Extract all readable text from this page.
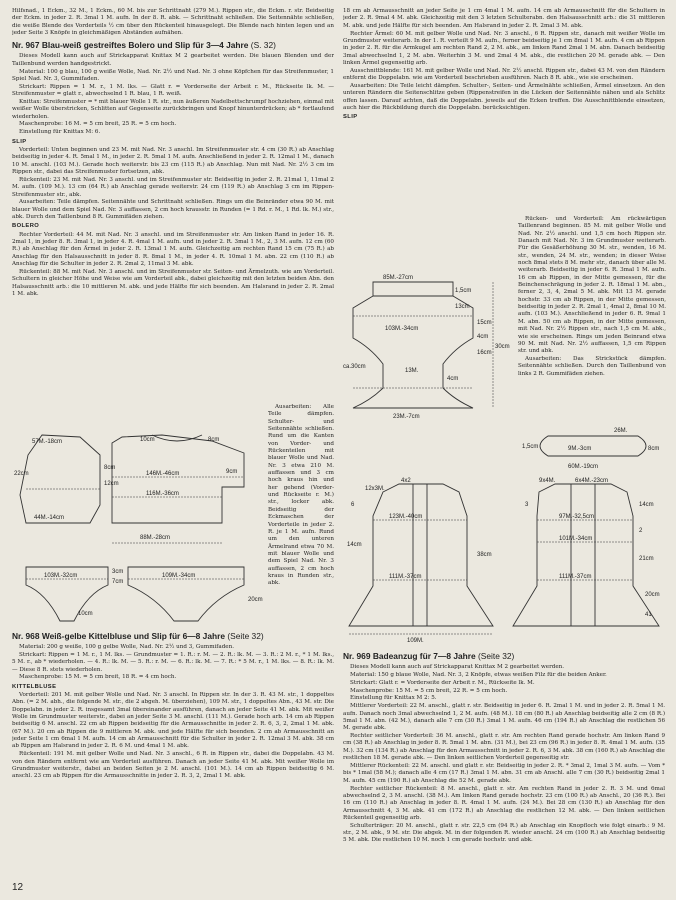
Hilfsnad., 1 Eckm., 32 M., 1 Eckm., 60 M. bis zur Schrittnaht (279 M.). Rippen str., die Eckm. r. str. Beidseitig der Eckm. in jeder 2. R. 3mal 1 M. aufn. In der 8. R. abk. — Schrittnaht schließen. Die Seitennähte schließen, die weiße Blende des Vorderteils ½ cm über den Rückenteil hinausgelegt. Die Blende nach hinten legen und an jeder Seite 3 Knöpfe in gleichmäßigen Abständen aufnähen.

Nr. 967 Blau-weiß gestreiftes Bolero und Slip für 3—4 Jahre (S. 32)

Dieses Modell kann auch auf Strickapparat Knittax M 2 gearbeitet werden. Die blauen Blenden und der Taillenbund werden handgestrickt.

Material: 100 g blau, 100 g weiße Wolle, Nad. Nr. 2½ und Nad. Nr. 3 ohne Köpfchen für das Streifenmuster, 1 Spiel Nad. Nr. 3, Gummifaden.

Strickart: Rippen = 1 M. r., 1 M. lks. — Glatt r. = Vorderseite der Arbeit r. M., Rückseite lk. M. — Streifenmuster = glatt r., abwechselnd 1 R. blau, 1 R. weiß.

Knittax: Streifenmuster = * mit blauer Wolle 1 R. str., nun äußeren Nadelbettschrumpf hochziehen, einmal mit weißer Wolle überstricken, Schlitten auf Gegenseite zurückbringen und Knopf hinunterdrücken; ab * fortlaufend wiederholen.

Maschenprobe: 16 M. = 5 cm breit, 25 R. = 5 cm hoch.

Einstellung für Knittax M: 6.

SLIP

Vorderteil: Unten beginnen und 23 M. mit Nad. Nr. 3 anschl. Im Streifenmuster str. 4 cm (30 R.) ab Anschlag beidseitig in jeder 4. R. 5mal 1 M., in jeder 2. R. 5mal 1 M. aufn. Anschließend in jeder 2. R. 12mal 1 M., danach 10 M. anschl. (103 M.). Gerade hoch weiterstr. bis 23 cm (115 R.) ab Anschlag. Nun mit Nad. Nr. 2½ 3 cm im Rippen str., dabei das Streifenmuster fortsetzen, abk.

Rückenteil: 23 M. mit Nad. Nr. 3 anschl. und im Streifenmuster str. Beidseitig in jeder 2. R. 21mal 1, 11mal 2 M. aufn. (109 M.). 13 cm (64 R.) ab Anschlag gerade weiterstr. 24 cm (119 R.) ab Anschlag 3 cm im Rippen-Streifenmuster str., abk.

Ausarbeiten: Teile dämpfen. Seitennähte und Schrittnaht schließen. Rings um die Beinränder etwa 90 M. mit blauer Wolle und dem Spiel Nad. Nr. 3 auffassen, 2 cm hoch krausstr. in Runden (= 1 Rd. r. M., 1 Rd. lk. M.) str., abk. Durch den Taillenbund 8 R. Gummifäden ziehen.

BOLERO

Rechter Vorderteil: 44 M. mit Nad. Nr. 3 anschl. und im Streifenmuster str. Am linken Rand in jeder 16. R. 2mal 1, in jeder 8. R. 3mal 1, in jeder 4. R. 4mal 1 M. aufn. und in jeder 2. R. 3mal 1 M., 2, 3 M. aufn. 12 cm (60 R.) ab Anschlag für den Ärmel in jeder 2. R. 13mal 1 M. aufn. Gleichzeitig am rechten Rand 15 cm (75 R.) ab Anschlag für den Halsausschnitt in jeder 8. R. 8mal 1 M., in jeder 4. R. 10mal 1 M. abn. 22 cm (110 R.) ab Anschlag für die Schulter in jeder 2. R. 2mal 2, 11mal 3 M. abk.

Rückenteil: 88 M. mit Nad. Nr. 3 anschl. und im Streifenmuster str. Seiten- und Ärmelzuth. wie am Vorderteil. Schultern in gleicher Höhe und Weise wie am Vorderteil abk., dabei gleichzeitig mit den letzten beiden Abn. den Halsausschnitt arb.: die 10 mittleren M. abk. und jede Hälfte für sich beenden. Am Halsrand in jeder 2. R. 2mal 1 M. abk.

Ausarbeiten: Alle Teile dämpfen. Schulter- und Seitennähte schließen. Rund um die Kanten von Vorder- und Rückenteilen mit blauer Wolle und Nad. Nr. 3 etwa 210 M. auffassen und 3 cm hoch kraus hin und her gehend (Vorder- und Rückseite r. M.) str., locker abk. Beidseitig der Eckmaschen der Vorderteile in jeder 2. R. je 1 M. aufn. Rund um den unteren Ärmelrand etwa 70 M. mit blauer Wolle und dem Spiel Nad. Nr. 3 auffassen, 2 cm hoch kraus in Runden str., abk.

57M.-18cm	10cm	8cm
146M.-46cm
116M.-36cm
44M.-14cm
8cm
12cm
9cm
22cm
88M.-28cm
103M.-32cm	109M.-34cm
7cm
3cm
20cm
10cm
Nr. 968 Weiß-gelbe Kittelbluse und Slip für 6—8 Jahre (Seite 32)

Material: 200 g weiße, 100 g gelbe Wolle, Nad. Nr. 2½ und 3, Gummifaden.

Strickart: Rippen = 1 M. r., 1 M. lks. — Grundmuster = 1. R.: r. M. — 2. R.: lk. M. — 3. R.: 2 M. r., * 1 M. lks., 5 M. r., ab * wiederholen. — 4. R.: lk. M. — 5. R.: r. M. — 6. R.: lk. M. — 7. R.: * 5 M. r., 1 M. lks. — 8. R.: lk. M. — Diese 8 R. stets wiederholen.

Maschenprobe: 15 M. = 5 cm breit, 18 R. = 4 cm hoch.

KITTELBLUSE

Vorderteil: 201 M. mit gelber Wolle und Nad. Nr. 3 anschl. In Rippen str. In der 3. R. 43 M. str., 1 doppeltes Abn. (= 2 M. abh., die folgende M. str., die 2 abgeh. M. überziehen), 109 M. str., 1 doppeltes Abn., 43 M. str. Die Doppelabn. in jeder 2. R. insgesamt 3mal übereinander ausführen, danach an jeder Seite 41 M. abk. Mit weißer Wolle im Grundmuster weiterstr., dabei an jeder Seite 3 M. anschl. (111 M.). Gerade hoch arb. 14 cm ab Rippen beidseitig 6 M. anschl. 22 cm ab Rippen beidseitig für die Armausschnitte in jeder 2. R. 6, 3, 2, 2mal 1 M. abk. (67 M.). 20 cm ab Rippen die 9 mittleren M. abk. und jede Hälfte für sich beenden. 2 cm ab Armausschnitt an jeder Seite 1 cm 6mal 1 M. aufn. 14 cm ab Armausschnitt für die Schulter in jeder 2. R. 12mal 3 M. abk. 38 cm ab Rippen am Halsrand in jeder 2. R. 6 M. und 4mal 1 M. abk.

Rückenteil: 191 M. mit gelber Wolle und Nad. Nr. 3 anschl., 6 R. in Rippen str., dabei die Doppelabn. 43 M. von den Rändern entfernt wie am Vorderteil ausführen. Danach an jeder Seite 41 M. abk. Mit weißer Wolle im Grundmuster weiterstr., dabei an beiden Seiten je 2 M. anschl. (101 M.). 14 cm ab Rippen beidseitig 6 M. anschl. 23 cm ab Rippen für die Armausschnitte in jeder 2. R. 3, 2, 2mal 1 M. abk.

18 cm ab Armausschnitt an jeder Seite je 1 cm 4mal 1 M. aufn. 14 cm ab Armausschnitt für die Schultern in jeder 2. R. 9mal 4 M. abk. Gleichzeitig mit den 3 letzten Schulterabn. den Halsausschnitt arb.: die 31 mittleren M. abk. und jede Hälfte für sich beenden. Am Halsrand in jeder 2. R. 2mal 3 M. abk.

Rechter Ärmel: 60 M. mit gelber Wolle und Nad. Nr. 3 anschl., 6 R. Rippen str., danach mit weißer Wolle im Grundmuster weiterarb. In der 1. R. verteilt 9 M. aufn., ferner beidseitig je 1 cm 8mal 1 M. aufn. 4 cm ab Rippen in jeder 2. R. für die Armkugel am rechten Rand 2, 2 M. abk., am linken Rand 2mal 1 M. abn. Danach beidseitig 3mal abwechselnd 1, 2 M. abn. Weiterhin 3 M. und 2mal 4 M. abk., die restlichen 20 M. gerade abk. — Den linken Ärmel gegenseitig arb.

Ausschnittblende: 161 M. mit gelber Wolle und Nad. Nr. 2½ anschl. Rippen str., dabei 43 M. von den Rändern entfernt die Doppelabn. wie am Vorderteil beschrieben ausführen. Nach 8 R. abk., wie sie erscheinen.

Ausarbeiten: Die Teile leicht dämpfen. Schulter-, Seiten- und Ärmelnähte schließen, Ärmel einsetzen. An den unteren Rändern die Seitenschlitze geben (Rippenstreifen in die Lücken der Seitennähte nähen und als Schlitz offen lassen. Darauf achten, daß die Doppelabn. jeweils auf die Ecken treffen. Die Ausschnittblende einsetzen, auch hier die Rückbildung durch die Doppelabn. berücksichtigen.

SLIP

Rücken- und Vorderteil: Am rückwärtigen Taillenrand beginnen. 85 M. mit gelber Wolle und Nad. Nr. 2½ anschl. und 1,5 cm hoch Rippen str. Danach mit Nad. Nr. 3 im Grundmuster weiterarb. Für die Gesäßerhöhung 30 M. str., wenden, 16 M. str., wenden, 24 M. str., wenden; in dieser Weise noch 8mal stets 8 M. mehr str., danach über alle M. weiterarb. Beidseitig in jeder 6. R. 3mal 1 M. aufn. 16 cm ab Rippen, in der Mitte gemessen, für die Beinchenschrägung in jeder 2. R. 18mal 1 M. abn., ferner 2, 3, 4, 2mal 5 M. abk. Mit 13 M. gerade hochstr. 33 cm ab Rippen, in der Mitte gemessen, beidseitig in jeder 2. R. 2mal 1, 4mal 2, 8mal 10 M. aufn. (103 M.). Anschließend in jeder 6. R. 9mal 1 M. abn. 50 cm ab Rippen, in der Mitte gemessen, mit Nad. Nr. 2½ Rippen str., nach 1,5 cm M. abk., wie sie erscheinen. Rings um jeden Beinrand etwa 90 M. mit Nad. Nr. 2½ auffassen, 1,5 cm Rippen str. und abk.

Ausarbeiten: Das Strickstück dämpfen. Seitennähte schließen. Durch den Taillenbund von links 2 R. Gummifäden ziehen.

85M.-27cm
1,5cm
13cm
15cm
103M.-34cm
4cm
16cm
30cm
13M.
4cm
ca.30cm
23M.-7cm
26M.
8cm
9M.-3cm
60M.-19cm
1,5cm
12x3M.
4x2	9x4M.	6x4M.-23cm
123M.-40cm	97M.-32,5cm
101M.-34cm
111M.-37cm
38cm
111M.-37cm
109M.
6
14cm
14cm
3
2
21cm
20cm
41
Nr. 969 Badeanzug für 7—8 Jahre (Seite 32)

Dieses Modell kann auch auf Strickapparat Knittax M 2 gearbeitet werden.

Material: 150 g blaue Wolle, Nad. Nr. 3, 2 Knöpfe, etwas weißen Filz für die beiden Anker.

Strickart: Glatt r. = Vorderseite der Arbeit r. M., Rückseite lk. M.

Maschenprobe: 15 M. = 5 cm breit, 22 R. = 5 cm hoch.

Einstellung für Knittax M 2: 5.

Mittlerer Vorderteil: 22 M. anschl., glatt r. str. Beidseitig in jeder 6. R. 2mal 1 M. und in jeder 2. R. 5mal 1 M. aufn. Danach noch 3mal abwechselnd 1, 2 M. aufn. (48 M.). 18 cm (80 R.) ab Anschlag beidseitig alle 2 cm (8 R.) 5mal 1 M. abn. (42 M.), danach alle 7 cm (30 R.) 3mal 1 M. aufn. 46 cm (194 R.) ab Anschlag die restlichen 56 M. gerade abk.

Rechter seitlicher Vorderteil: 36 M. anschl., glatt r. str. Am rechten Rand gerade hochstr. Am linken Rand 9 cm (38 R.) ab Anschlag in jeder 8. R. 5mal 1 M. abn. (31 M.), bei 23 cm (96 R.) in jeder 8. R. 4mal 1 M. aufn. (35 M.). 32 cm (134 R.) ab Anschlag für den Armausschnitt in jeder 2. R. 6, 3 M. abk. 38 cm (160 R.) ab Anschlag die restlichen 18 M. gerade abk. — Den linken seitlichen Vorderteil gegenseitig str.

Mittlerer Rückenteil: 22 M. anschl. und glatt r. str. Beidseitig in jeder 2. R. * 3mal 2, 1mal 3 M. aufn. — Vom * bis * 1mal (58 M.); danach alle 4 cm (17 R.) 3mal 1 M. abn. 31 cm ab Anschl. alle 7 cm (30 R.) beidseitig 2mal 1 M. aufn. 45 cm (190 R.) ab Anschlag die 52 M. gerade abk.

Rechter seitlicher Rückenteil: 8 M. anschl., glatt r. str. Am rechten Rand in jeder 2. R. 3 M. und 6mal abwechselnd 2, 3 M. anschl. (38 M.). Am linken Rand gerade hochstr. 23 cm (100 R.) ab Anschl., 20 (36 R.). Bei 16 cm (110 R.) ab Anschlag in jeder 8. R. 4mal 1 M. aufn. (24 M.). Bei 28 cm (130 R.) ab Anschlag für den Armausschnitt 4, 3 M. abk. 41 cm (172 R.) ab Anschlag die restlichen 12 M. abk. — Den linken seitlichen Rückenteil gegenseitig arb.

Schulterträger: 20 M. anschl., glatt r. str. 22,5 cm (94 R.) ab Anschlag ein Knopfloch wie folgt einarb.: 9 M. str., 2 M. abk., 9 M. str. Die abgek. M. in der folgenden R. wieder anschl. 24 cm (100 R.) ab Anschlag beidseitig 5 M. abk. Die restlichen 10 M. noch 1 cm gerade hochstr. und abk.

12
